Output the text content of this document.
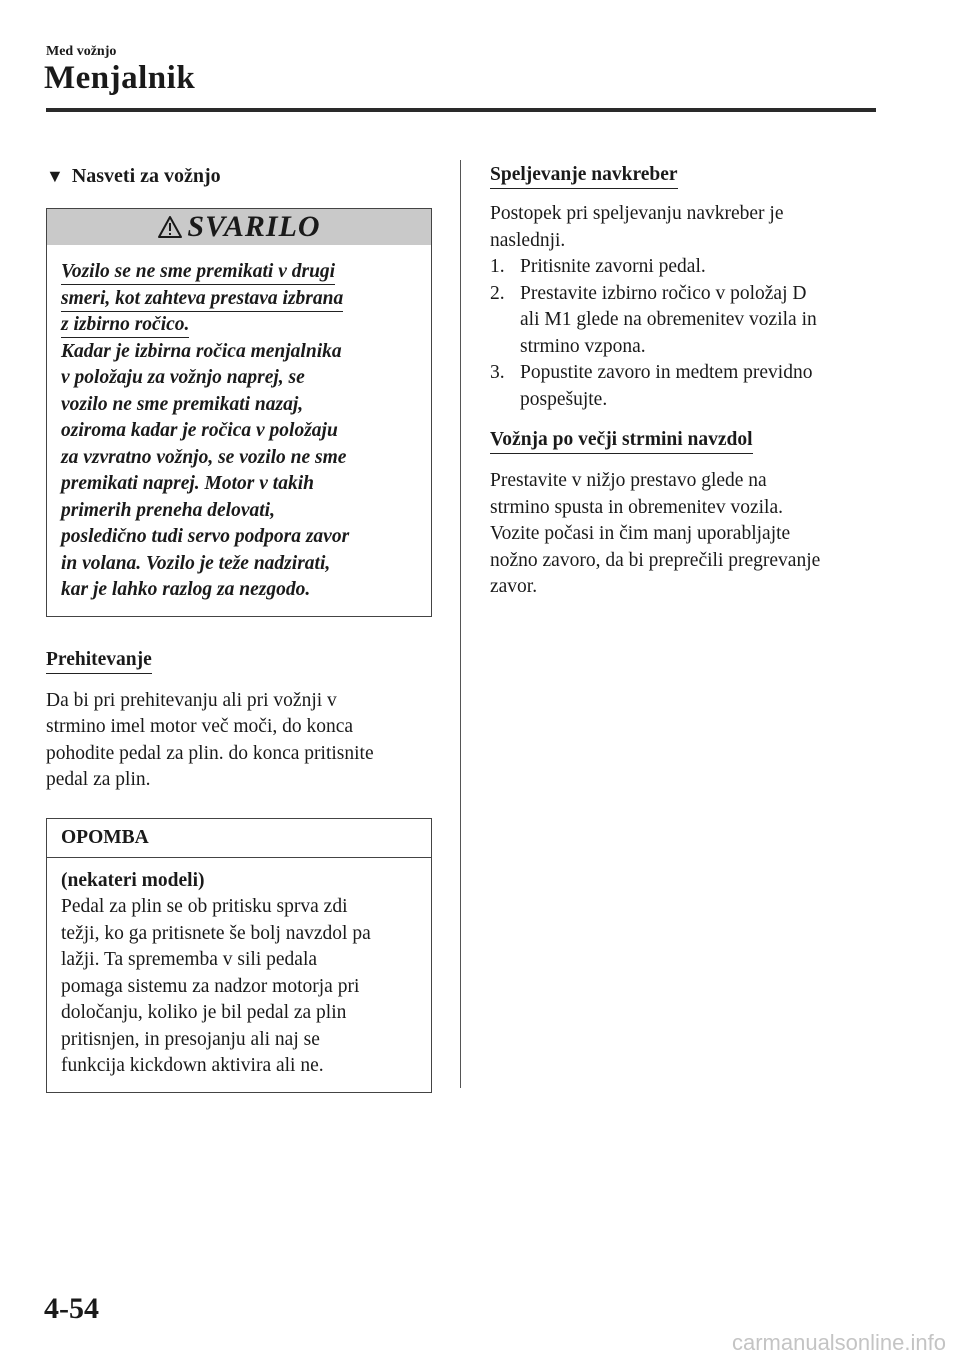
Med vožnjo
Menjalnik
▼ Nasveti za vožnjo
SVARILO
Vozilo se ne sme premikati v drugi
smeri, kot zahteva prestava izbrana
z izbirno ročico.
Kadar je izbirna ročica menjalnika
v položaju za vožnjo naprej, se
vozilo ne sme premikati nazaj,
oziroma kadar je ročica v položaju
za vzvratno vožnjo, se vozilo ne sme
premikati naprej. Motor v takih
primerih preneha delovati,
posledično tudi servo podpora zavor
in volana. Vozilo je teže nadzirati,
kar je lahko razlog za nezgodo.
Prehitevanje
Da bi pri prehitevanju ali pri vožnji v
strmino imel motor več moči, do konca
pohodite pedal za plin. do konca pritisnite
pedal za plin.
OPOMBA
(nekateri modeli)
Pedal za plin se ob pritisku sprva zdi
težji, ko ga pritisnete še bolj navzdol pa
lažji. Ta sprememba v sili pedala
pomaga sistemu za nadzor motorja pri
določanju, koliko je bil pedal za plin
pritisnjen, in presojanju ali naj se
funkcija kickdown aktivira ali ne.
Speljevanje navkreber
Postopek pri speljevanju navkreber je
naslednji.
1. Pritisnite zavorni pedal.
2. Prestavite izbirno ročico v položaj D
ali M1 glede na obremenitev vozila in
strmino vzpona.
3. Popustite zavoro in medtem previdno
pospešujte.
Vožnja po večji strmini navzdol
Prestavite v nižjo prestavo glede na
strmino spusta in obremenitev vozila.
Vozite počasi in čim manj uporabljajte
nožno zavoro, da bi preprečili pregrevanje
zavor.
4-54
carmanualsonline.info
